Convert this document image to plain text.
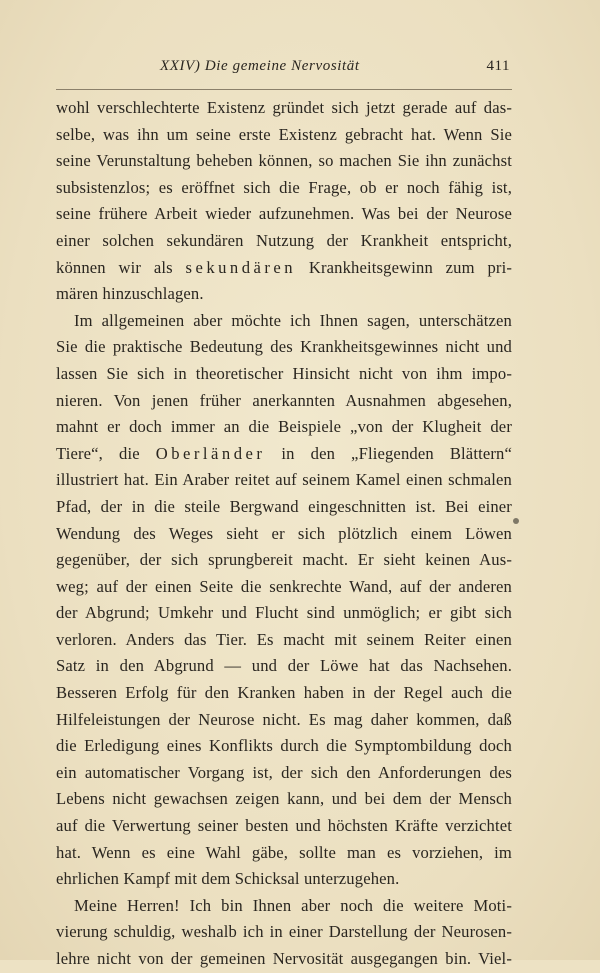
XXIV) Die gemeine Nervosität	411
wohl verschlechterte Existenz gründet sich jetzt gerade auf das-
selbe, was ihn um seine erste Existenz gebracht hat. Wenn Sie
seine Verunstaltung beheben können, so machen Sie ihn zunächst
subsistenzlos; es eröffnet sich die Frage, ob er noch fähig ist,
seine frühere Arbeit wieder aufzunehmen. Was bei der Neurose
einer solchen sekundären Nutzung der Krankheit entspricht,
können wir als sekundären Krankheitsgewinn zum pri-
mären hinzuschlagen.
Im allgemeinen aber möchte ich Ihnen sagen, unterschätzen
Sie die praktische Bedeutung des Krankheitsgewinnes nicht und
lassen Sie sich in theoretischer Hinsicht nicht von ihm impo-
nieren. Von jenen früher anerkannten Ausnahmen abgesehen,
mahnt er doch immer an die Beispiele „von der Klugheit der
Tiere“, die Oberländer in den „Fliegenden Blättern“
illustriert hat. Ein Araber reitet auf seinem Kamel einen schmalen
Pfad, der in die steile Bergwand eingeschnitten ist. Bei einer
Wendung des Weges sieht er sich plötzlich einem Löwen
gegenüber, der sich sprungbereit macht. Er sieht keinen Aus-
weg; auf der einen Seite die senkrechte Wand, auf der anderen
der Abgrund; Umkehr und Flucht sind unmöglich; er gibt sich
verloren. Anders das Tier. Es macht mit seinem Reiter einen
Satz in den Abgrund — und der Löwe hat das Nachsehen.
Besseren Erfolg für den Kranken haben in der Regel auch die
Hilfeleistungen der Neurose nicht. Es mag daher kommen, daß
die Erledigung eines Konflikts durch die Symptombildung doch
ein automatischer Vorgang ist, der sich den Anforderungen des
Lebens nicht gewachsen zeigen kann, und bei dem der Mensch
auf die Verwertung seiner besten und höchsten Kräfte verzichtet
hat. Wenn es eine Wahl gäbe, sollte man es vorziehen, im
ehrlichen Kampf mit dem Schicksal unterzugehen.
Meine Herren! Ich bin Ihnen aber noch die weitere Moti-
vierung schuldig, weshalb ich in einer Darstellung der Neurosen-
lehre nicht von der gemeinen Nervosität ausgegangen bin. Viel-
